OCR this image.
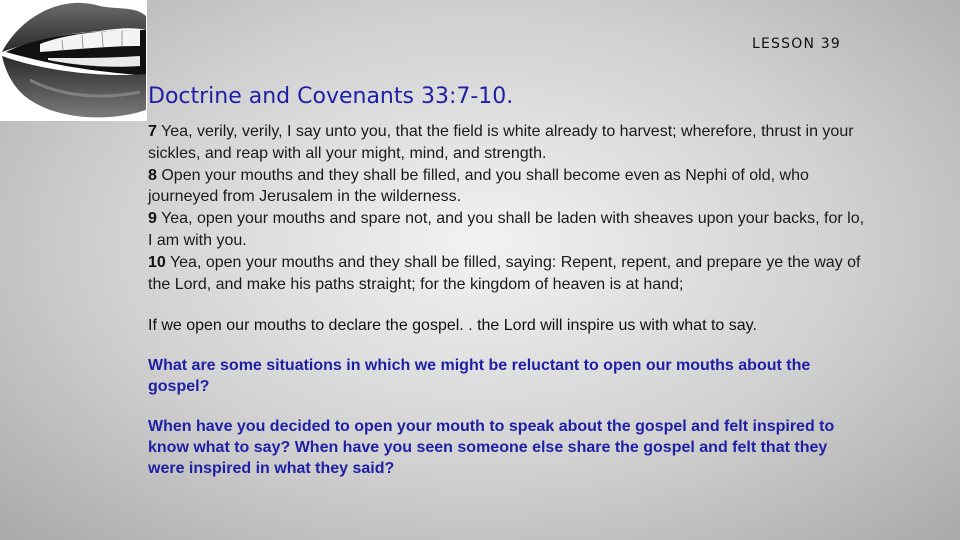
LESSON 39
Doctrine and Covenants 33:7-10.
7 Yea, verily, verily, I say unto you, that the field is white already to harvest; wherefore, thrust in your sickles, and reap with all your might, mind, and strength.
8 Open your mouths and they shall be filled, and you shall become even as Nephi of old, who journeyed from Jerusalem in the wilderness.
9 Yea, open your mouths and spare not, and you shall be laden with sheaves upon your backs, for lo, I am with you.
10 Yea, open your mouths and they shall be filled, saying: Repent, repent, and prepare ye the way of the Lord, and make his paths straight; for the kingdom of heaven is at hand;
If we open our mouths to declare the gospel. . the Lord will inspire us with what to say.
What are some situations in which we might be reluctant to open our mouths about the gospel?
When have you decided to open your mouth to speak about the gospel and felt inspired to know what to say? When have you seen someone else share the gospel and felt that they were inspired in what they said?
